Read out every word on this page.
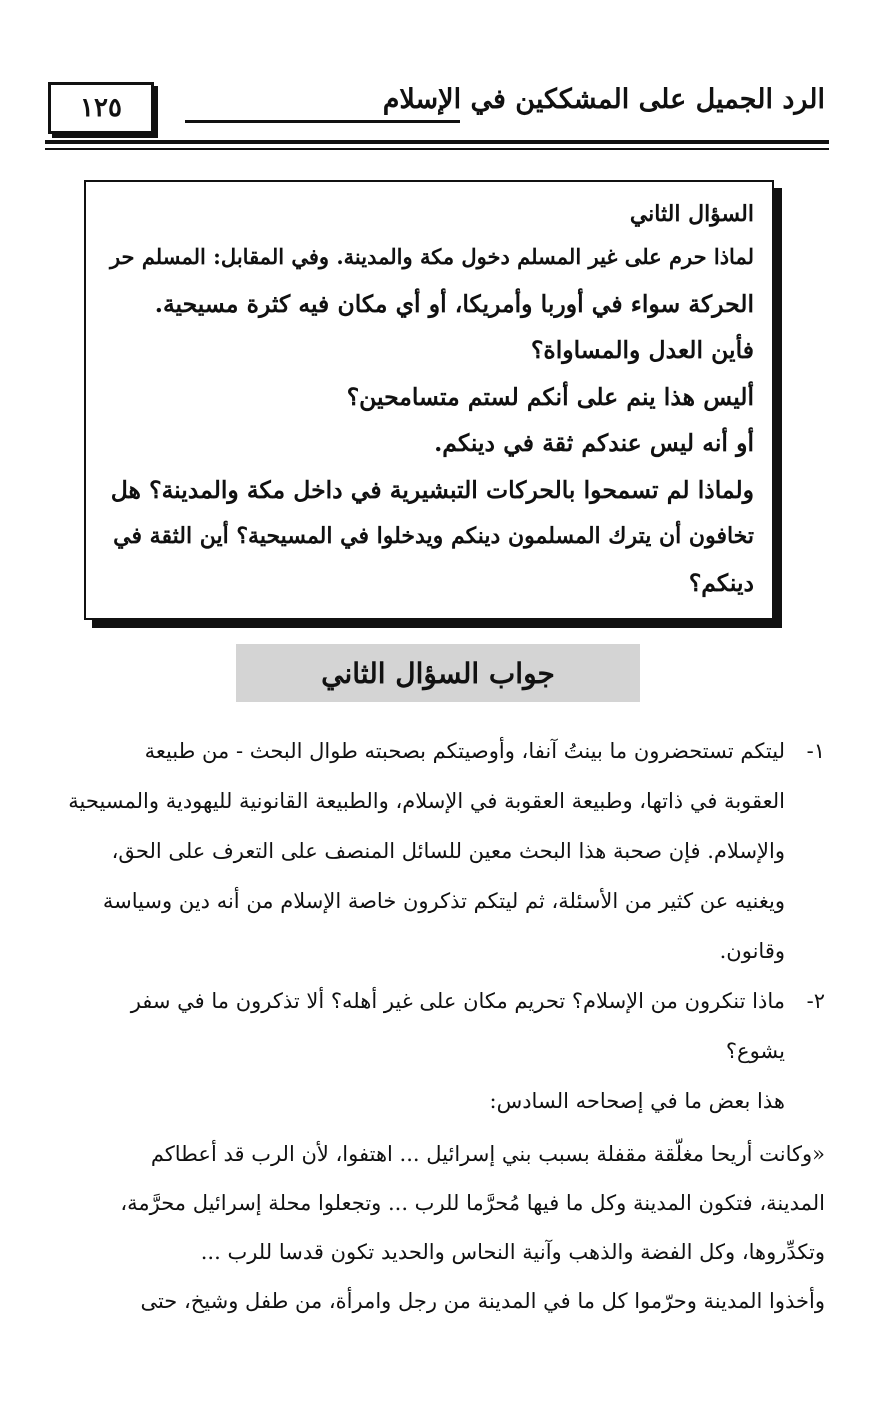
الرد الجميل على المشككين في الإسلام
١٢٥
السؤال الثاني
لماذا حرم على غير المسلم دخول مكة والمدينة. وفي المقابل: المسلم حر
الحركة سواء في أوربا وأمريكا، أو أي مكان فيه كثرة مسيحية.
فأين العدل والمساواة؟
أليس هذا ينم على أنكم لستم متسامحين؟
أو أنه ليس عندكم ثقة في دينكم.
ولماذا لم تسمحوا بالحركات التبشيرية في داخل مكة والمدينة؟ هل
تخافون أن يترك المسلمون دينكم ويدخلوا في المسيحية؟ أين الثقة في
دينكم؟
جواب السؤال الثاني
١-
ليتكم تستحضرون ما بينتُ آنفا، وأوصيتكم بصحبته طوال البحث - من طبيعة
العقوبة في ذاتها، وطبيعة العقوبة في الإسلام، والطبيعة القانونية لليهودية والمسيحية
والإسلام. فإن صحبة هذا البحث معين للسائل المنصف على التعرف على الحق،
ويغنيه عن كثير من الأسئلة، ثم ليتكم تذكرون خاصة الإسلام من أنه دين وسياسة
وقانون.
٢-
ماذا تنكرون من الإسلام؟ تحريم مكان على غير أهله؟ ألا تذكرون ما في سفر
يشوع؟
هذا بعض ما في إصحاحه السادس:
«وكانت أريحا مغلّقة مقفلة بسبب بني إسرائيل ... اهتفوا، لأن الرب قد أعطاكم
المدينة، فتكون المدينة وكل ما فيها مُحرَّما للرب ... وتجعلوا محلة إسرائيل محرَّمة،
وتكدِّروها، وكل الفضة والذهب وآنية النحاس والحديد تكون قدسا للرب ...
وأخذوا المدينة وحرّموا كل ما في المدينة من رجل وامرأة، من طفل وشيخ، حتى
